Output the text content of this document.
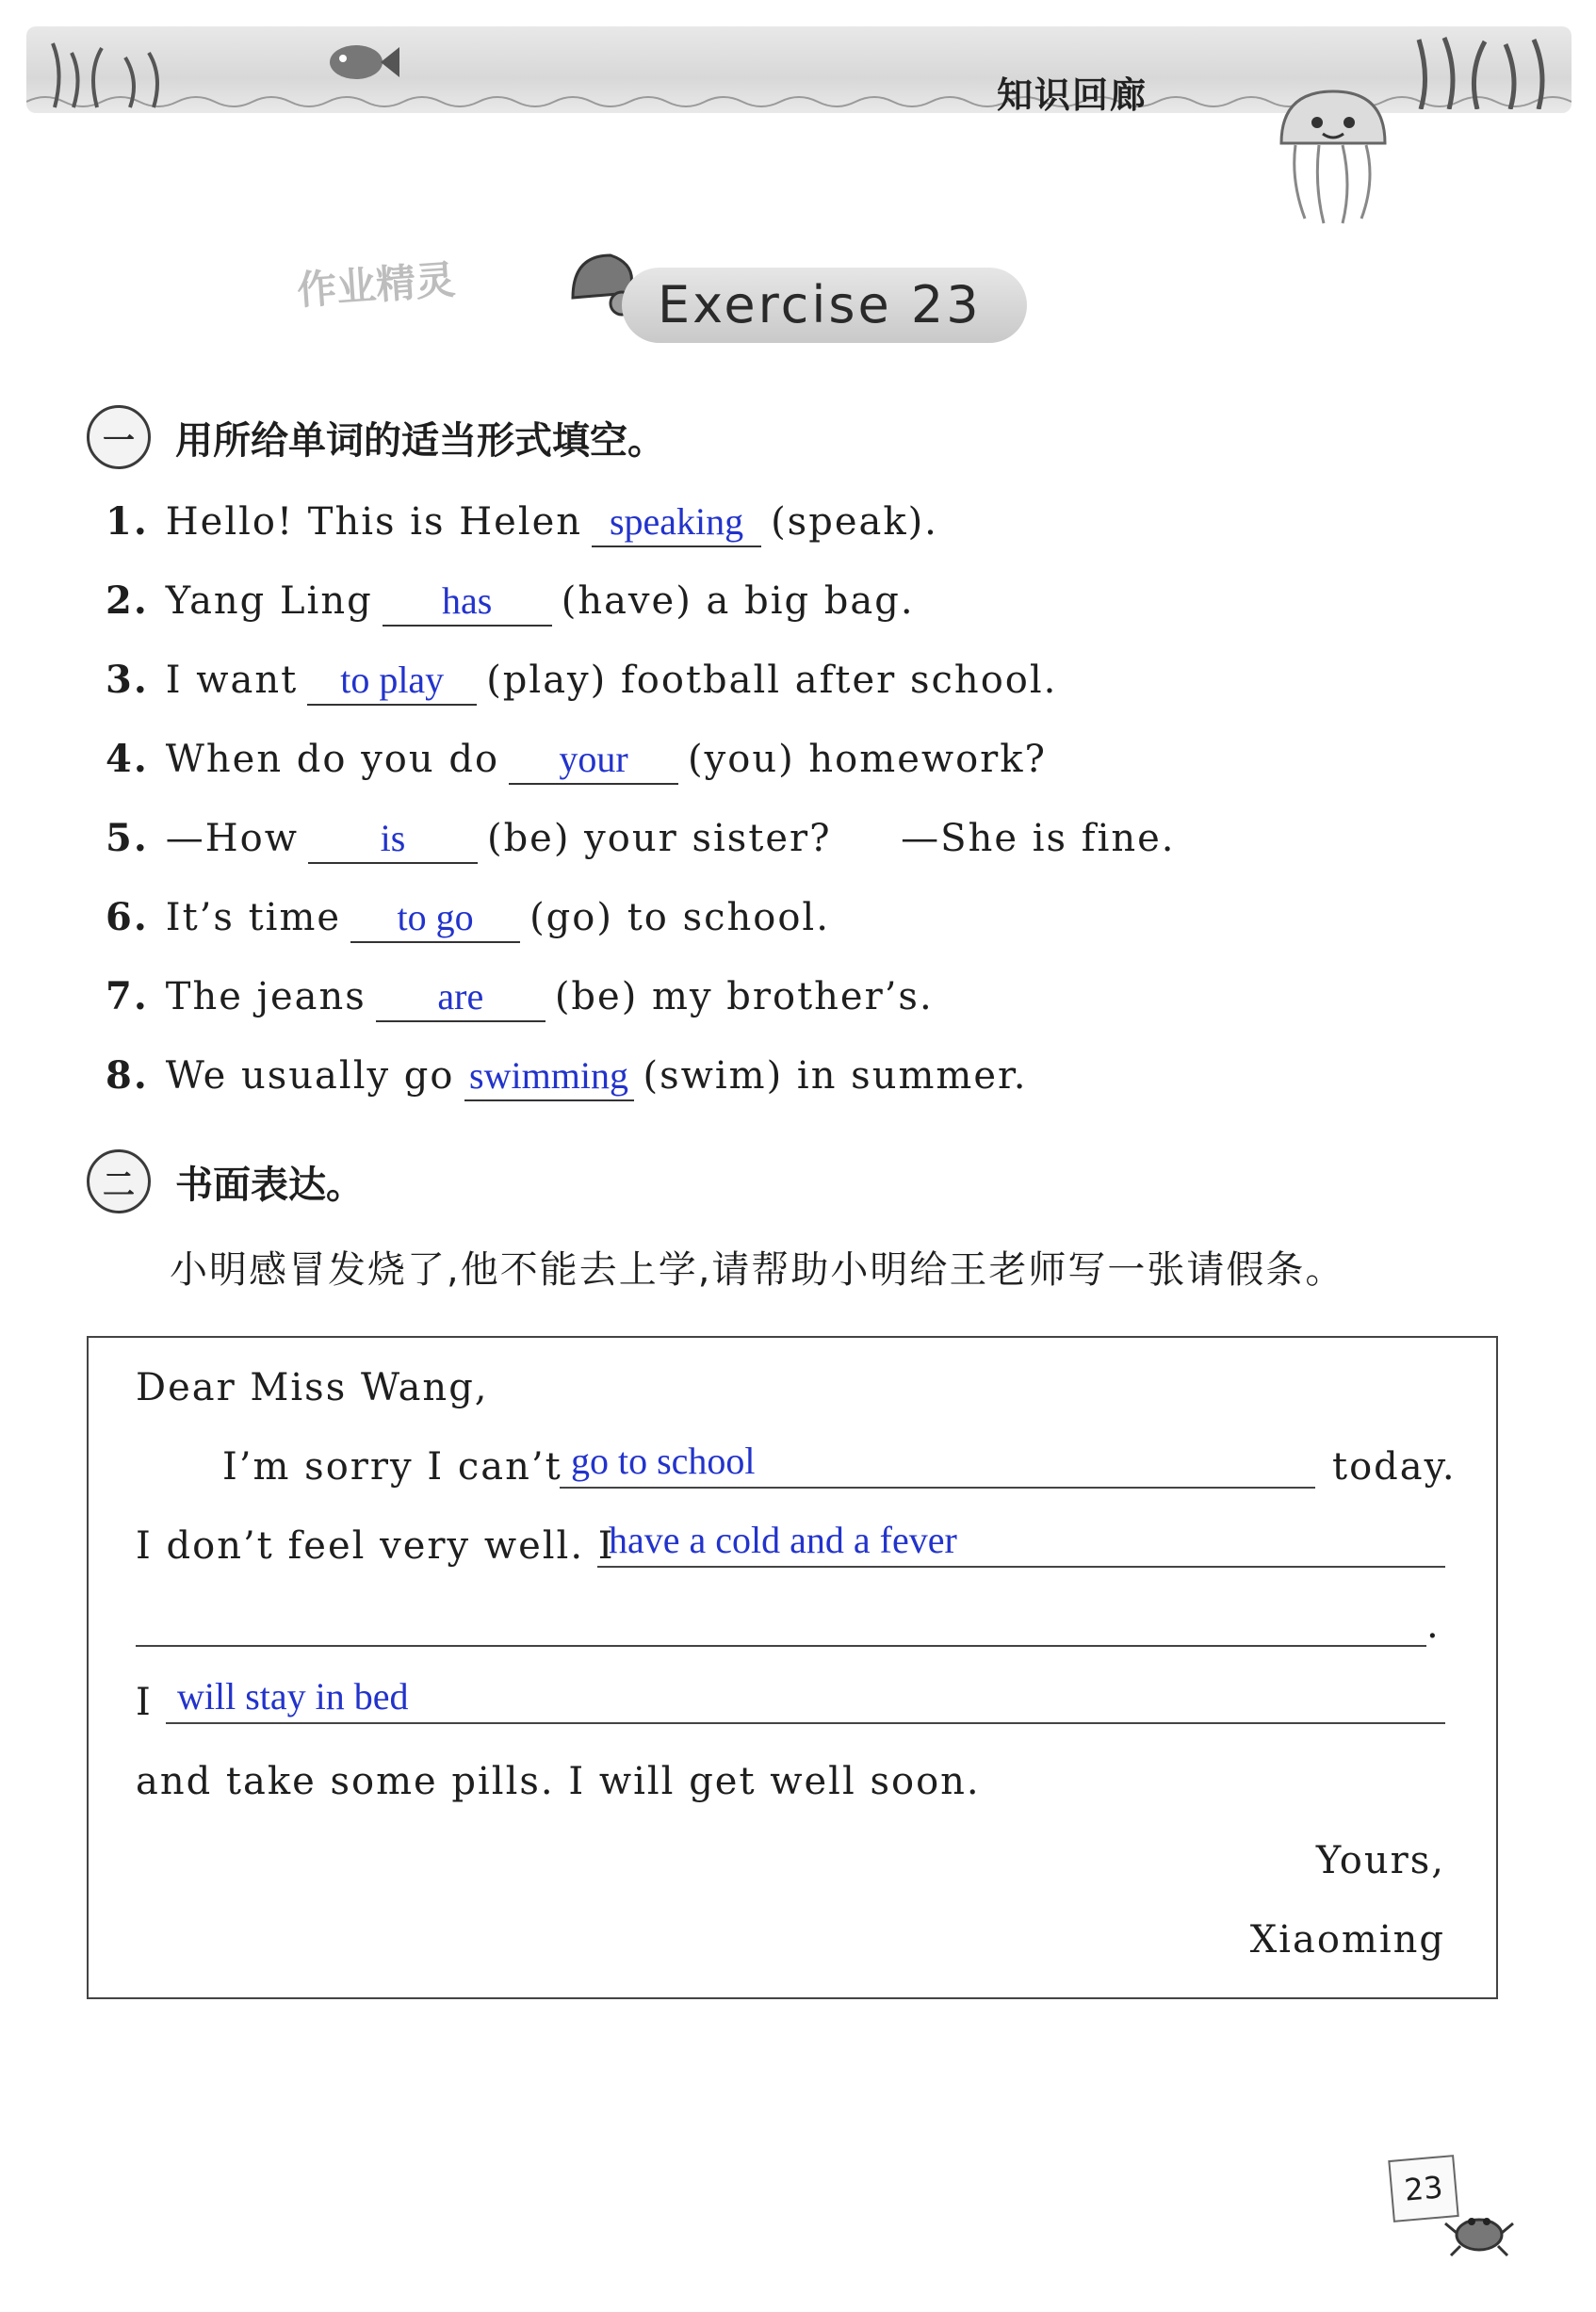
知识回廊
作业精灵	Exercise 23
一	用所给单词的适当形式填空。
1. Hello! This is Helen speaking (speak).
2. Yang Ling	has	(have) a big bag.
3. I want	to play	(play) football after school.
4. When do you do	your	(you) homework?
5. —How	is	(be) your sister?     —She is fine.
6. It’s time	to go	(go) to school.
7. The jeans	are	(be) my brother’s.
8. We usually go swimming (swim) in summer.
二	书面表达。
小明感冒发烧了,他不能去上学,请帮助小明给王老师写一张请假条。
Dear Miss Wang,
I’m sorry I can’t go to school	today.
I don’t feel very well. I
have a cold and a fever
.
I will stay in bed
and take some pills. I will get well soon.
Yours,
Xiaoming
23
